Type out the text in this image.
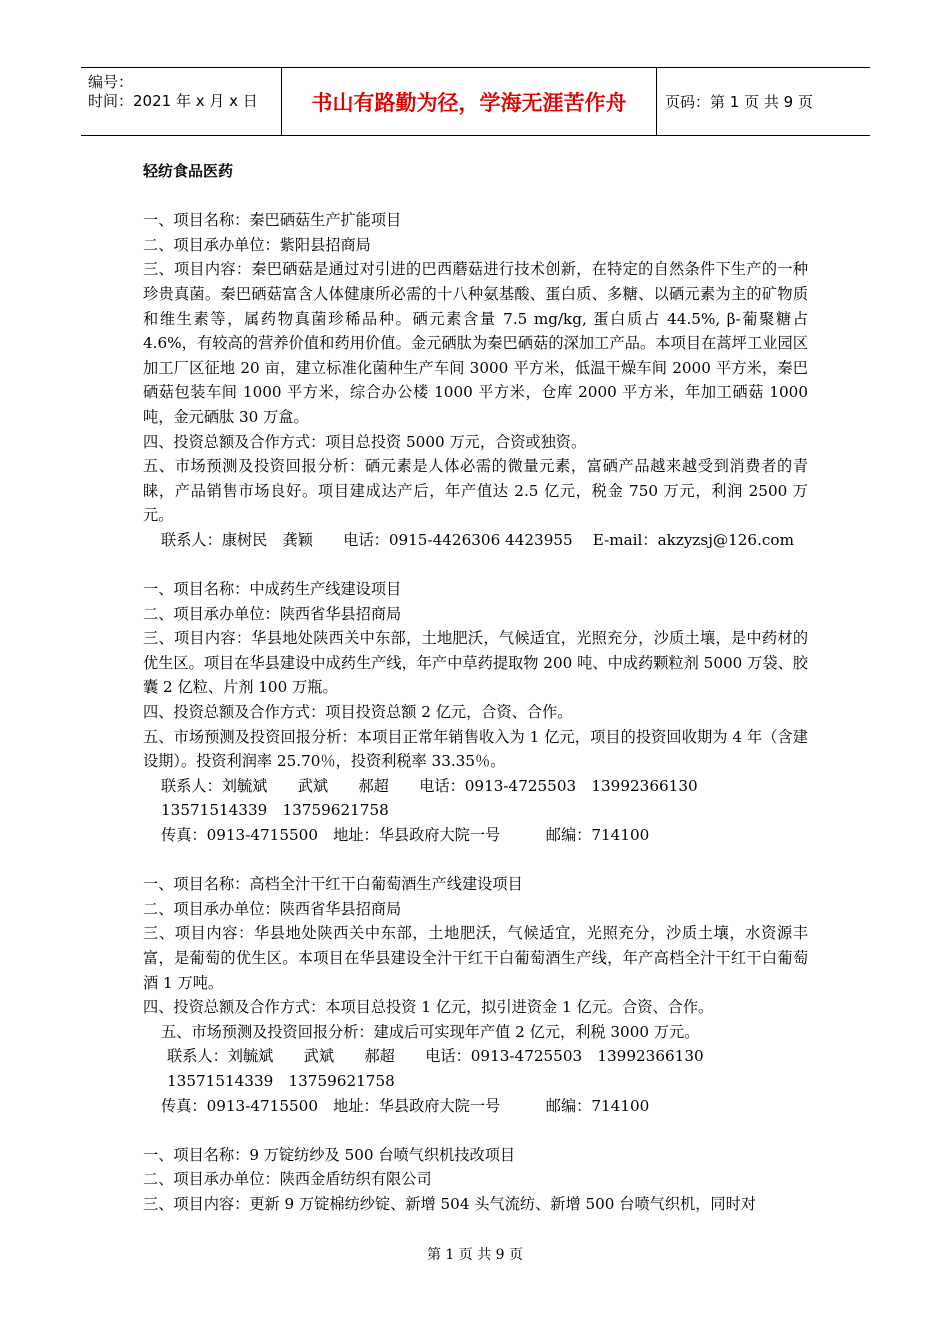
编号：
时间：2021 年 x 月 x 日	书山有路勤为径，学海无涯苦作舟	页码：第 1 页 共 9 页

轻纺食品医药

一、项目名称：秦巴硒菇生产扩能项目

二、项目承办单位：紫阳县招商局

三、项目内容：秦巴硒菇是通过对引进的巴西蘑菇进行技术创新，在特定的自然条件下生产的一种珍贵真菌。秦巴硒菇富含人体健康所必需的十八种氨基酸、蛋白质、多糖、以硒元素为主的矿物质和维生素等，属药物真菌珍稀品种。硒元素含量 7.5 mg/kg, 蛋白质占 44.5%, β-葡聚糖占 4.6%，有较高的营养价值和药用价值。金元硒肽为秦巴硒菇的深加工产品。本项目在蒿坪工业园区加工厂区征地 20 亩，建立标准化菌种生产车间 3000 平方米，低温干燥车间 2000 平方米，秦巴硒菇包装车间 1000 平方米，综合办公楼 1000 平方米，仓库 2000 平方米，年加工硒菇 1000 吨，金元硒肽 30 万盒。

四、投资总额及合作方式：项目总投资 5000 万元，合资或独资。

五、市场预测及投资回报分析：硒元素是人体必需的微量元素，富硒产品越来越受到消费者的青睐，产品销售市场良好。项目建成达产后，年产值达 2.5 亿元，税金 750 万元，利润 2500 万元。

联系人：康树民　龚颖　　电话：0915-4426306 4423955　 E-mail：akzyzsj@126.com

一、项目名称：中成药生产线建设项目

二、项目承办单位：陕西省华县招商局

三、项目内容：华县地处陕西关中东部，土地肥沃，气候适宜，光照充分，沙质土壤，是中药材的优生区。项目在华县建设中成药生产线，年产中草药提取物 200 吨、中成药颗粒剂 5000 万袋、胶囊 2 亿粒、片剂 100 万瓶。

四、投资总额及合作方式：项目投资总额 2 亿元，合资、合作。

五、市场预测及投资回报分析：本项目正常年销售收入为 1 亿元，项目的投资回收期为 4 年（含建设期）。投资利润率 25.70％，投资利税率 33.35％。

联系人：刘毓斌　　武斌　　郝超　　电话：0913-4725503　13992366130　13571514339　13759621758

传真：0913-4715500　地址：华县政府大院一号　　　邮编：714100

一、项目名称：高档全汁干红干白葡萄酒生产线建设项目

二、项目承办单位：陕西省华县招商局

三、项目内容：华县地处陕西关中东部，土地肥沃，气候适宜，光照充分，沙质土壤，水资源丰富，是葡萄的优生区。本项目在华县建设全汁干红干白葡萄酒生产线，年产高档全汁干红干白葡萄酒 1 万吨。

四、投资总额及合作方式：本项目总投资 1 亿元，拟引进资金 1 亿元。合资、合作。

五、市场预测及投资回报分析：建成后可实现年产值 2 亿元，利税 3000 万元。

联系人：刘毓斌　　武斌　　郝超　　电话：0913-4725503　13992366130　13571514339　13759621758

传真：0913-4715500　地址：华县政府大院一号　　　邮编：714100

一、项目名称：9 万锭纺纱及 500 台喷气织机技改项目

二、项目承办单位：陕西金盾纺织有限公司

三、项目内容：更新 9 万锭棉纺纱锭、新增 504 头气流纺、新增 500 台喷气织机，同时对

第 1 页 共 9 页
